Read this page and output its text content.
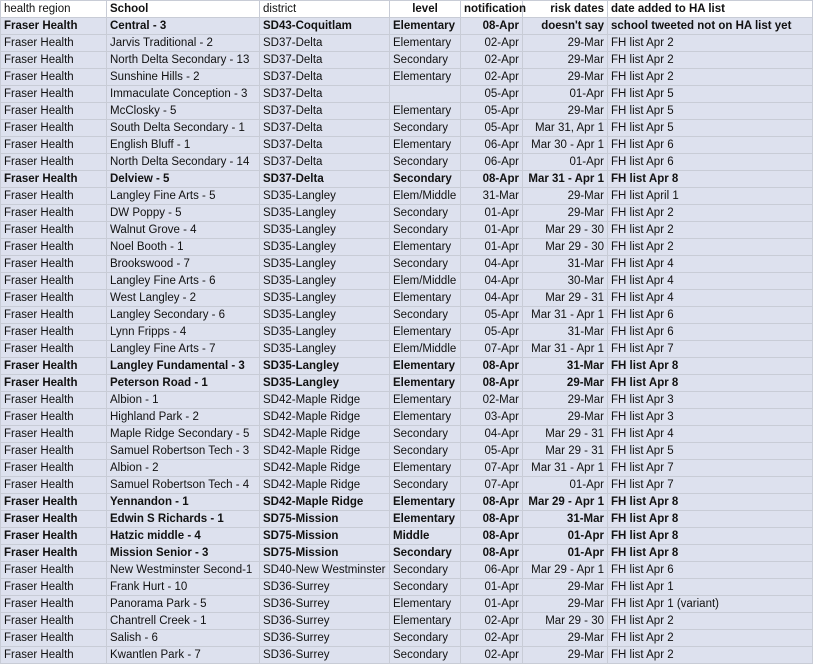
health region	School	district	level	notification	risk dates	date added to HA list
Fraser Health	Central - 3	SD43-Coquitlam	Elementary	08-Apr	doesn't say	school tweeted not on HA list yet
Fraser Health	Jarvis Traditional - 2	SD37-Delta	Elementary	02-Apr	29-Mar	FH list Apr 2
Fraser Health	North Delta Secondary - 13	SD37-Delta	Secondary	02-Apr	29-Mar	FH list Apr 2
Fraser Health	Sunshine Hills - 2	SD37-Delta	Elementary	02-Apr	29-Mar	FH list Apr 2
Fraser Health	Immaculate Conception - 3	SD37-Delta		05-Apr	01-Apr	FH list Apr 5
Fraser Health	McClosky - 5	SD37-Delta	Elementary	05-Apr	29-Mar	FH list Apr 5
Fraser Health	South Delta Secondary - 1	SD37-Delta	Secondary	05-Apr	Mar 31, Apr 1	FH list Apr 5
Fraser Health	English Bluff - 1	SD37-Delta	Elementary	06-Apr	Mar 30 - Apr 1	FH list Apr 6
Fraser Health	North Delta Secondary - 14	SD37-Delta	Secondary	06-Apr	01-Apr	FH list Apr 6
Fraser Health	Delview - 5	SD37-Delta	Secondary	08-Apr	Mar 31 - Apr 1	FH list Apr 8
Fraser Health	Langley Fine Arts - 5	SD35-Langley	Elem/Middle	31-Mar	29-Mar	FH list April 1
Fraser Health	DW Poppy - 5	SD35-Langley	Secondary	01-Apr	29-Mar	FH list Apr 2
Fraser Health	Walnut Grove - 4	SD35-Langley	Secondary	01-Apr	Mar 29 - 30	FH list Apr 2
Fraser Health	Noel Booth - 1	SD35-Langley	Elementary	01-Apr	Mar 29 - 30	FH list Apr 2
Fraser Health	Brookswood - 7	SD35-Langley	Secondary	04-Apr	31-Mar	FH list Apr 4
Fraser Health	Langley Fine Arts - 6	SD35-Langley	Elem/Middle	04-Apr	30-Mar	FH list Apr 4
Fraser Health	West Langley - 2	SD35-Langley	Elementary	04-Apr	Mar 29 - 31	FH list Apr 4
Fraser Health	Langley Secondary - 6	SD35-Langley	Secondary	05-Apr	Mar 31 - Apr 1	FH list Apr 6
Fraser Health	Lynn Fripps - 4	SD35-Langley	Elementary	05-Apr	31-Mar	FH list Apr 6
Fraser Health	Langley Fine Arts - 7	SD35-Langley	Elem/Middle	07-Apr	Mar 31 - Apr 1	FH list Apr 7
Fraser Health	Langley Fundamental - 3	SD35-Langley	Elementary	08-Apr	31-Mar	FH list Apr 8
Fraser Health	Peterson Road - 1	SD35-Langley	Elementary	08-Apr	29-Mar	FH list Apr 8
Fraser Health	Albion - 1	SD42-Maple Ridge	Elementary	02-Mar	29-Mar	FH list Apr 3
Fraser Health	Highland Park - 2	SD42-Maple Ridge	Elementary	03-Apr	29-Mar	FH list Apr 3
Fraser Health	Maple Ridge Secondary - 5	SD42-Maple Ridge	Secondary	04-Apr	Mar 29 - 31	FH list Apr 4
Fraser Health	Samuel Robertson Tech - 3	SD42-Maple Ridge	Secondary	05-Apr	Mar 29 - 31	FH list Apr 5
Fraser Health	Albion - 2	SD42-Maple Ridge	Elementary	07-Apr	Mar 31 - Apr 1	FH list Apr 7
Fraser Health	Samuel Robertson Tech - 4	SD42-Maple Ridge	Secondary	07-Apr	01-Apr	FH list Apr 7
Fraser Health	Yennandon - 1	SD42-Maple Ridge	Elementary	08-Apr	Mar 29 - Apr 1	FH list Apr 8
Fraser Health	Edwin S Richards - 1	SD75-Mission	Elementary	08-Apr	31-Mar	FH list Apr 8
Fraser Health	Hatzic middle - 4	SD75-Mission	Middle	08-Apr	01-Apr	FH list Apr 8
Fraser Health	Mission Senior - 3	SD75-Mission	Secondary	08-Apr	01-Apr	FH list Apr 8
Fraser Health	New Westminster Second-1	SD40-New Westminster	Secondary	06-Apr	Mar 29 - Apr 1	FH list Apr 6
Fraser Health	Frank Hurt - 10	SD36-Surrey	Secondary	01-Apr	29-Mar	FH list Apr 1
Fraser Health	Panorama Park - 5	SD36-Surrey	Elementary	01-Apr	29-Mar	FH list Apr 1 (variant)
Fraser Health	Chantrell Creek - 1	SD36-Surrey	Elementary	02-Apr	Mar 29 - 30	FH list Apr 2
Fraser Health	Salish - 6	SD36-Surrey	Secondary	02-Apr	29-Mar	FH list Apr 2
Fraser Health	Kwantlen Park - 7	SD36-Surrey	Secondary	02-Apr	29-Mar	FH list Apr 2
